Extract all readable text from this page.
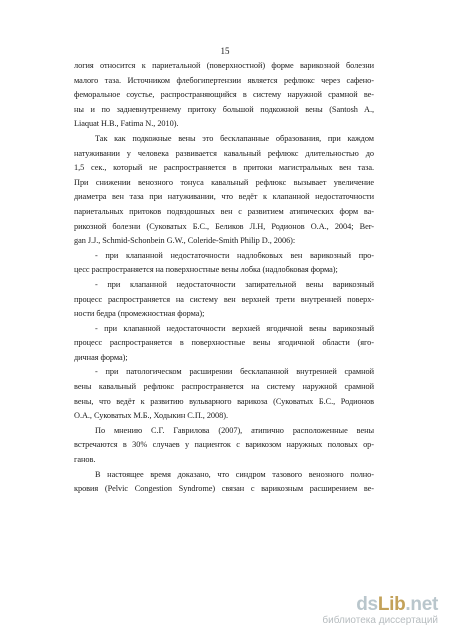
15
логия относится к париетальной (поверхностной) форме варикозной болезни
малого таза. Источником флебогипертензии является рефлюкс через сафено-
феморальное соустье, распространяющийся в систему наружной срамной ве-
ны и по задневнутреннему притоку большой подкожной вены (Santosh A.,
Liaquat H.B., Fatima N., 2010).
Так как подкожные вены это бесклапанные образования, при каждом
натуживании у человека развивается кавальный рефлюкс длительностью до
1,5 сек., который не распространяется в притоки магистральных вен таза.
При снижении венозного тонуса кавальный рефлюкс вызывает увеличение
диаметра вен таза при натуживании, что ведёт к клапанной недостаточности
париетальных притоков подвздошных вен с развитием атипических форм ва-
рикозной болезни (Суковатых Б.С., Беликов Л.Н, Родионов О.А., 2004; Ber-
gan J.J., Schmid-Schonbein G.W., Coleride-Smith Philip D., 2006):
- при клапанной недостаточности надлобковых вен варикозный про-
цесс распространяется на поверхностные вены лобка (надлобковая форма);
- при клапанной недостаточности запирательной вены варикозный
процесс распространяется на систему вен верхней трети внутренней поверх-
ности бедра (промежностная форма);
- при клапанной недостаточности верхней ягодичной вены варикозный
процесс распространяется в поверхностные вены ягодичной области (яго-
дичная форма);
- при патологическом расширении бесклапанной внутренней срамной
вены кавальный рефлюкс распространяется на систему наружной срамной
вены, что ведёт к развитию вульварного варикоза (Суковатых Б.С., Родионов
О.А., Суковатых М.Б., Ходыкин С.П., 2008).
По мнению С.Г. Гаврилова (2007), атипично расположенные вены
встречаются в 30% случаев у пациенток с варикозом наружных половых ор-
ганов.
В настоящее время доказано, что синдром тазового венозного полно-
кровия (Pelvic Congestion Syndrome) связан с варикозным расширением ве-
dsLib.net
библиотека диссертаций
